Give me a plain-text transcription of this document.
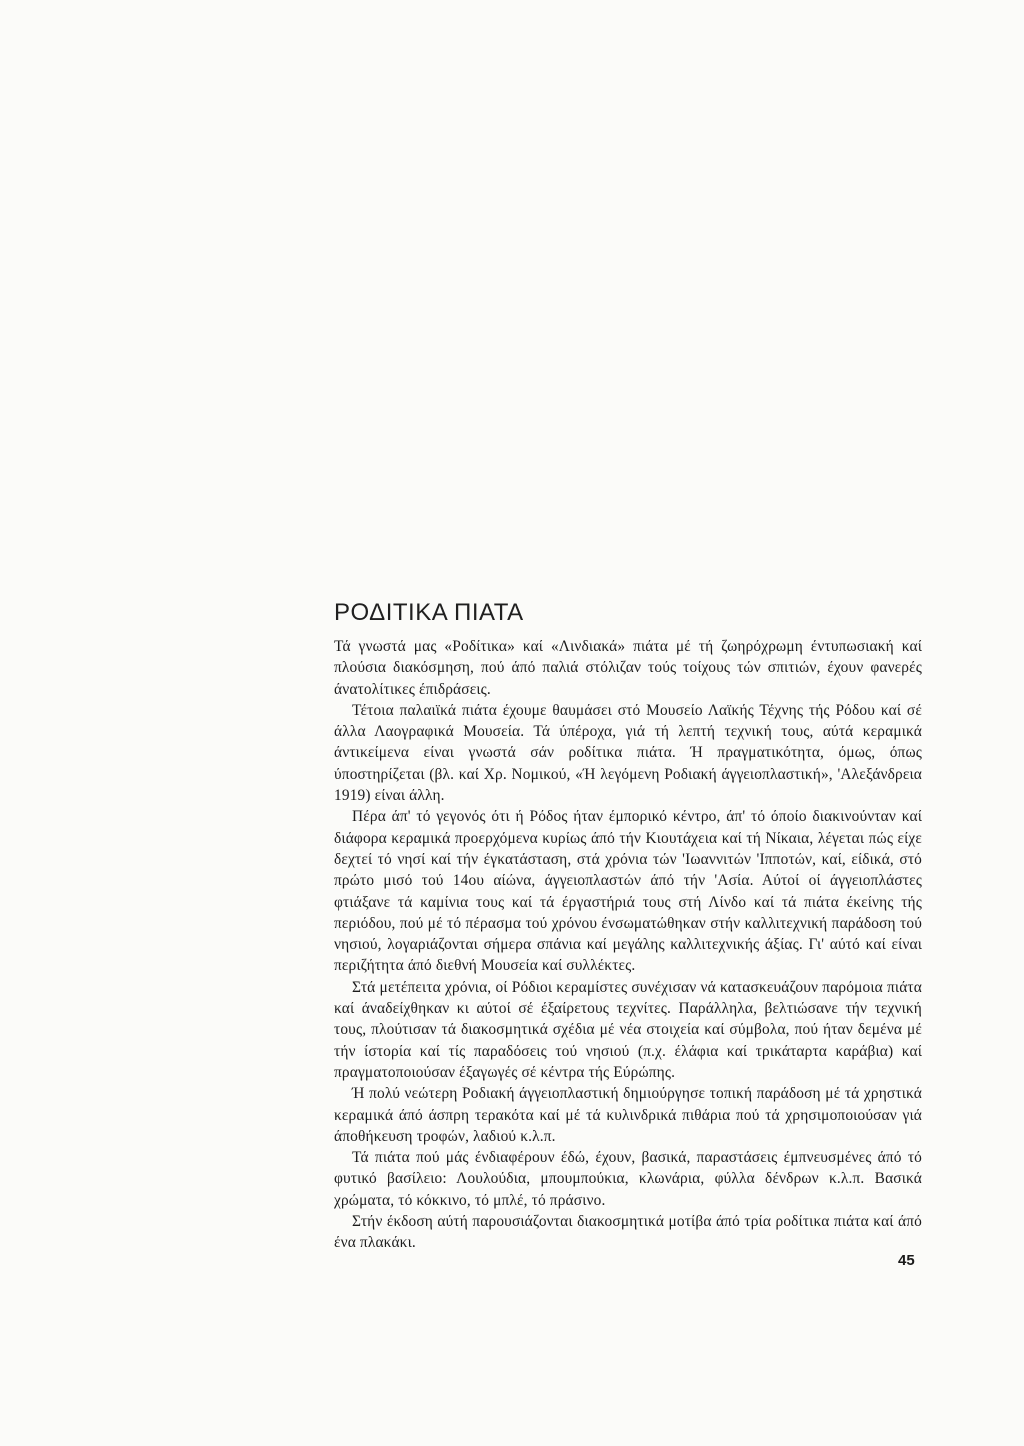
ΡΟΔΙΤΙΚΑ ΠΙΑΤΑ

Τά γνωστά μας «Ροδίτικα» καί «Λινδιακά» πιάτα μέ τή ζωηρόχρωμη έντυπωσιακή καί πλούσια διακόσμηση, πού άπό παλιά στόλιζαν τούς τοίχους τών σπιτιών, έχουν φανερές άνατολίτικες έπιδράσεις.

Τέτοια παλαιϊκά πιάτα έχουμε θαυμάσει στό Μουσείο Λαϊκής Τέχνης τής Ρόδου καί σέ άλλα Λαογραφικά Μουσεία. Τά ύπέροχα, γιά τή λεπτή τεχνική τους, αύτά κεραμικά άντικείμενα είναι γνωστά σάν ροδίτικα πιάτα. Ή πραγματικότητα, όμως, όπως ύποστηρίζεται (βλ. καί Χρ. Νομικού, «Ή λεγόμενη Ροδιακή άγγειοπλαστική», 'Αλεξάνδρεια 1919) είναι άλλη.

Πέρα άπ' τό γεγονός ότι ή Ρόδος ήταν έμπορικό κέντρο, άπ' τό όποίο διακινούνταν καί διάφορα κεραμικά προερχόμενα κυρίως άπό τήν Κιουτάχεια καί τή Νίκαια, λέγεται πώς είχε δεχτεί τό νησί καί τήν έγκατάσταση, στά χρόνια τών 'Ιωαννιτών 'Ιπποτών, καί, είδικά, στό πρώτο μισό τού 14ου αίώνα, άγγειοπλαστών άπό τήν 'Ασία. Αύτοί οί άγγειοπλάστες φτιάξανε τά καμίνια τους καί τά έργαστήριά τους στή Λίνδο καί τά πιάτα έκείνης τής περιόδου, πού μέ τό πέρασμα τού χρόνου ένσωματώθηκαν στήν καλλιτεχνική παράδοση τού νησιού, λογαριάζονται σήμερα σπάνια καί μεγάλης καλλιτεχνικής άξίας. Γι' αύτό καί είναι περιζήτητα άπό διεθνή Μουσεία καί συλλέκτες.

Στά μετέπειτα χρόνια, οί Ρόδιοι κεραμίστες συνέχισαν νά κατασκευάζουν παρόμοια πιάτα καί άναδείχθηκαν κι αύτοί σέ έξαίρετους τεχνίτες. Παράλληλα, βελτιώσανε τήν τεχνική τους, πλούτισαν τά διακοσμητικά σχέδια μέ νέα στοιχεία καί σύμβολα, πού ήταν δεμένα μέ τήν ίστορία καί τίς παραδόσεις τού νησιού (π.χ. έλάφια καί τρικάταρτα καράβια) καί πραγματοποιούσαν έξαγωγές σέ κέντρα τής Εύρώπης.

Ή πολύ νεώτερη Ροδιακή άγγειοπλαστική δημιούργησε τοπική παράδοση μέ τά χρηστικά κεραμικά άπό άσπρη τερακότα καί μέ τά κυλινδρικά πιθάρια πού τά χρησιμοποιούσαν γιά άποθήκευση τροφών, λαδιού κ.λ.π.

Τά πιάτα πού μάς ένδιαφέρουν έδώ, έχουν, βασικά, παραστάσεις έμπνευσμένες άπό τό φυτικό βασίλειο: Λουλούδια, μπουμπούκια, κλωνάρια, φύλλα δένδρων κ.λ.π. Βασικά χρώματα, τό κόκκινο, τό μπλέ, τό πράσινο.

Στήν έκδοση αύτή παρουσιάζονται διακοσμητικά μοτίβα άπό τρία ροδίτικα πιάτα καί άπό ένα πλακάκι.

45
